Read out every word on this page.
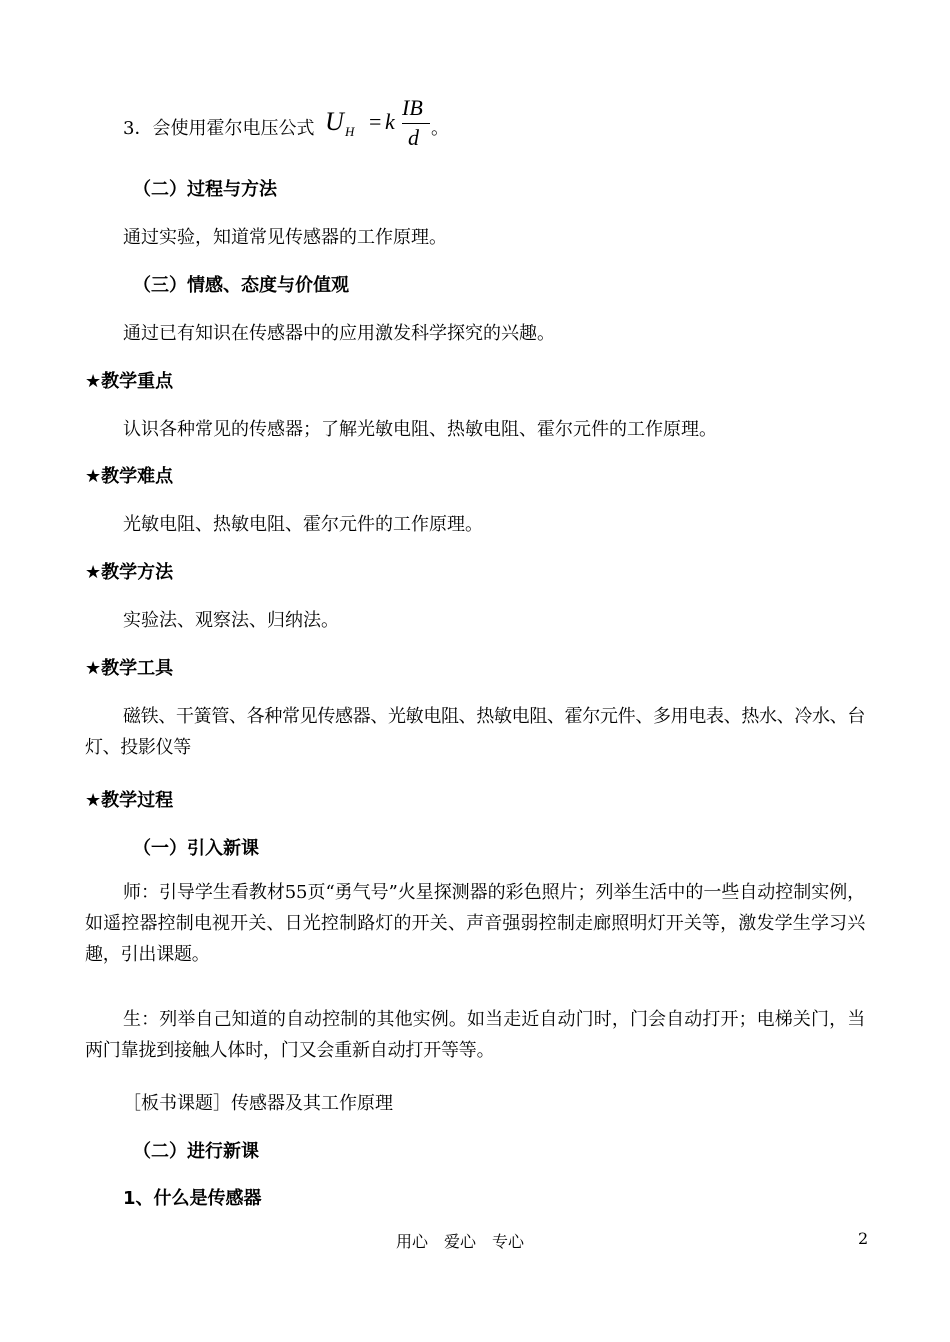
3．会使用霍尔电压公式 U H = k
IB
d 。
（二）过程与方法
通过实验，知道常见传感器的工作原理。
（三）情感、态度与价值观
通过已有知识在传感器中的应用激发科学探究的兴趣。
★教学重点
认识各种常见的传感器；了解光敏电阻、热敏电阻、霍尔元件的工作原理。
★教学难点
光敏电阻、热敏电阻、霍尔元件的工作原理。
★教学方法
实验法、观察法、归纳法。
★教学工具
磁铁、干簧管、各种常见传感器、光敏电阻、热敏电阻、霍尔元件、多用电表、热水、冷水、台灯、投影仪等
★教学过程
（一）引入新课
师：引导学生看教材55页“勇气号”火星探测器的彩色照片；列举生活中的一些自动控制实例，如遥控器控制电视开关、日光控制路灯的开关、声音强弱控制走廊照明灯开关等，激发学生学习兴趣，引出课题。
生：列举自己知道的自动控制的其他实例。如当走近自动门时，门会自动打开；电梯关门，当两门靠拢到接触人体时，门又会重新自动打开等等。
［板书课题］传感器及其工作原理
（二）进行新课
1、什么是传感器
用心　爱心　专心	2
